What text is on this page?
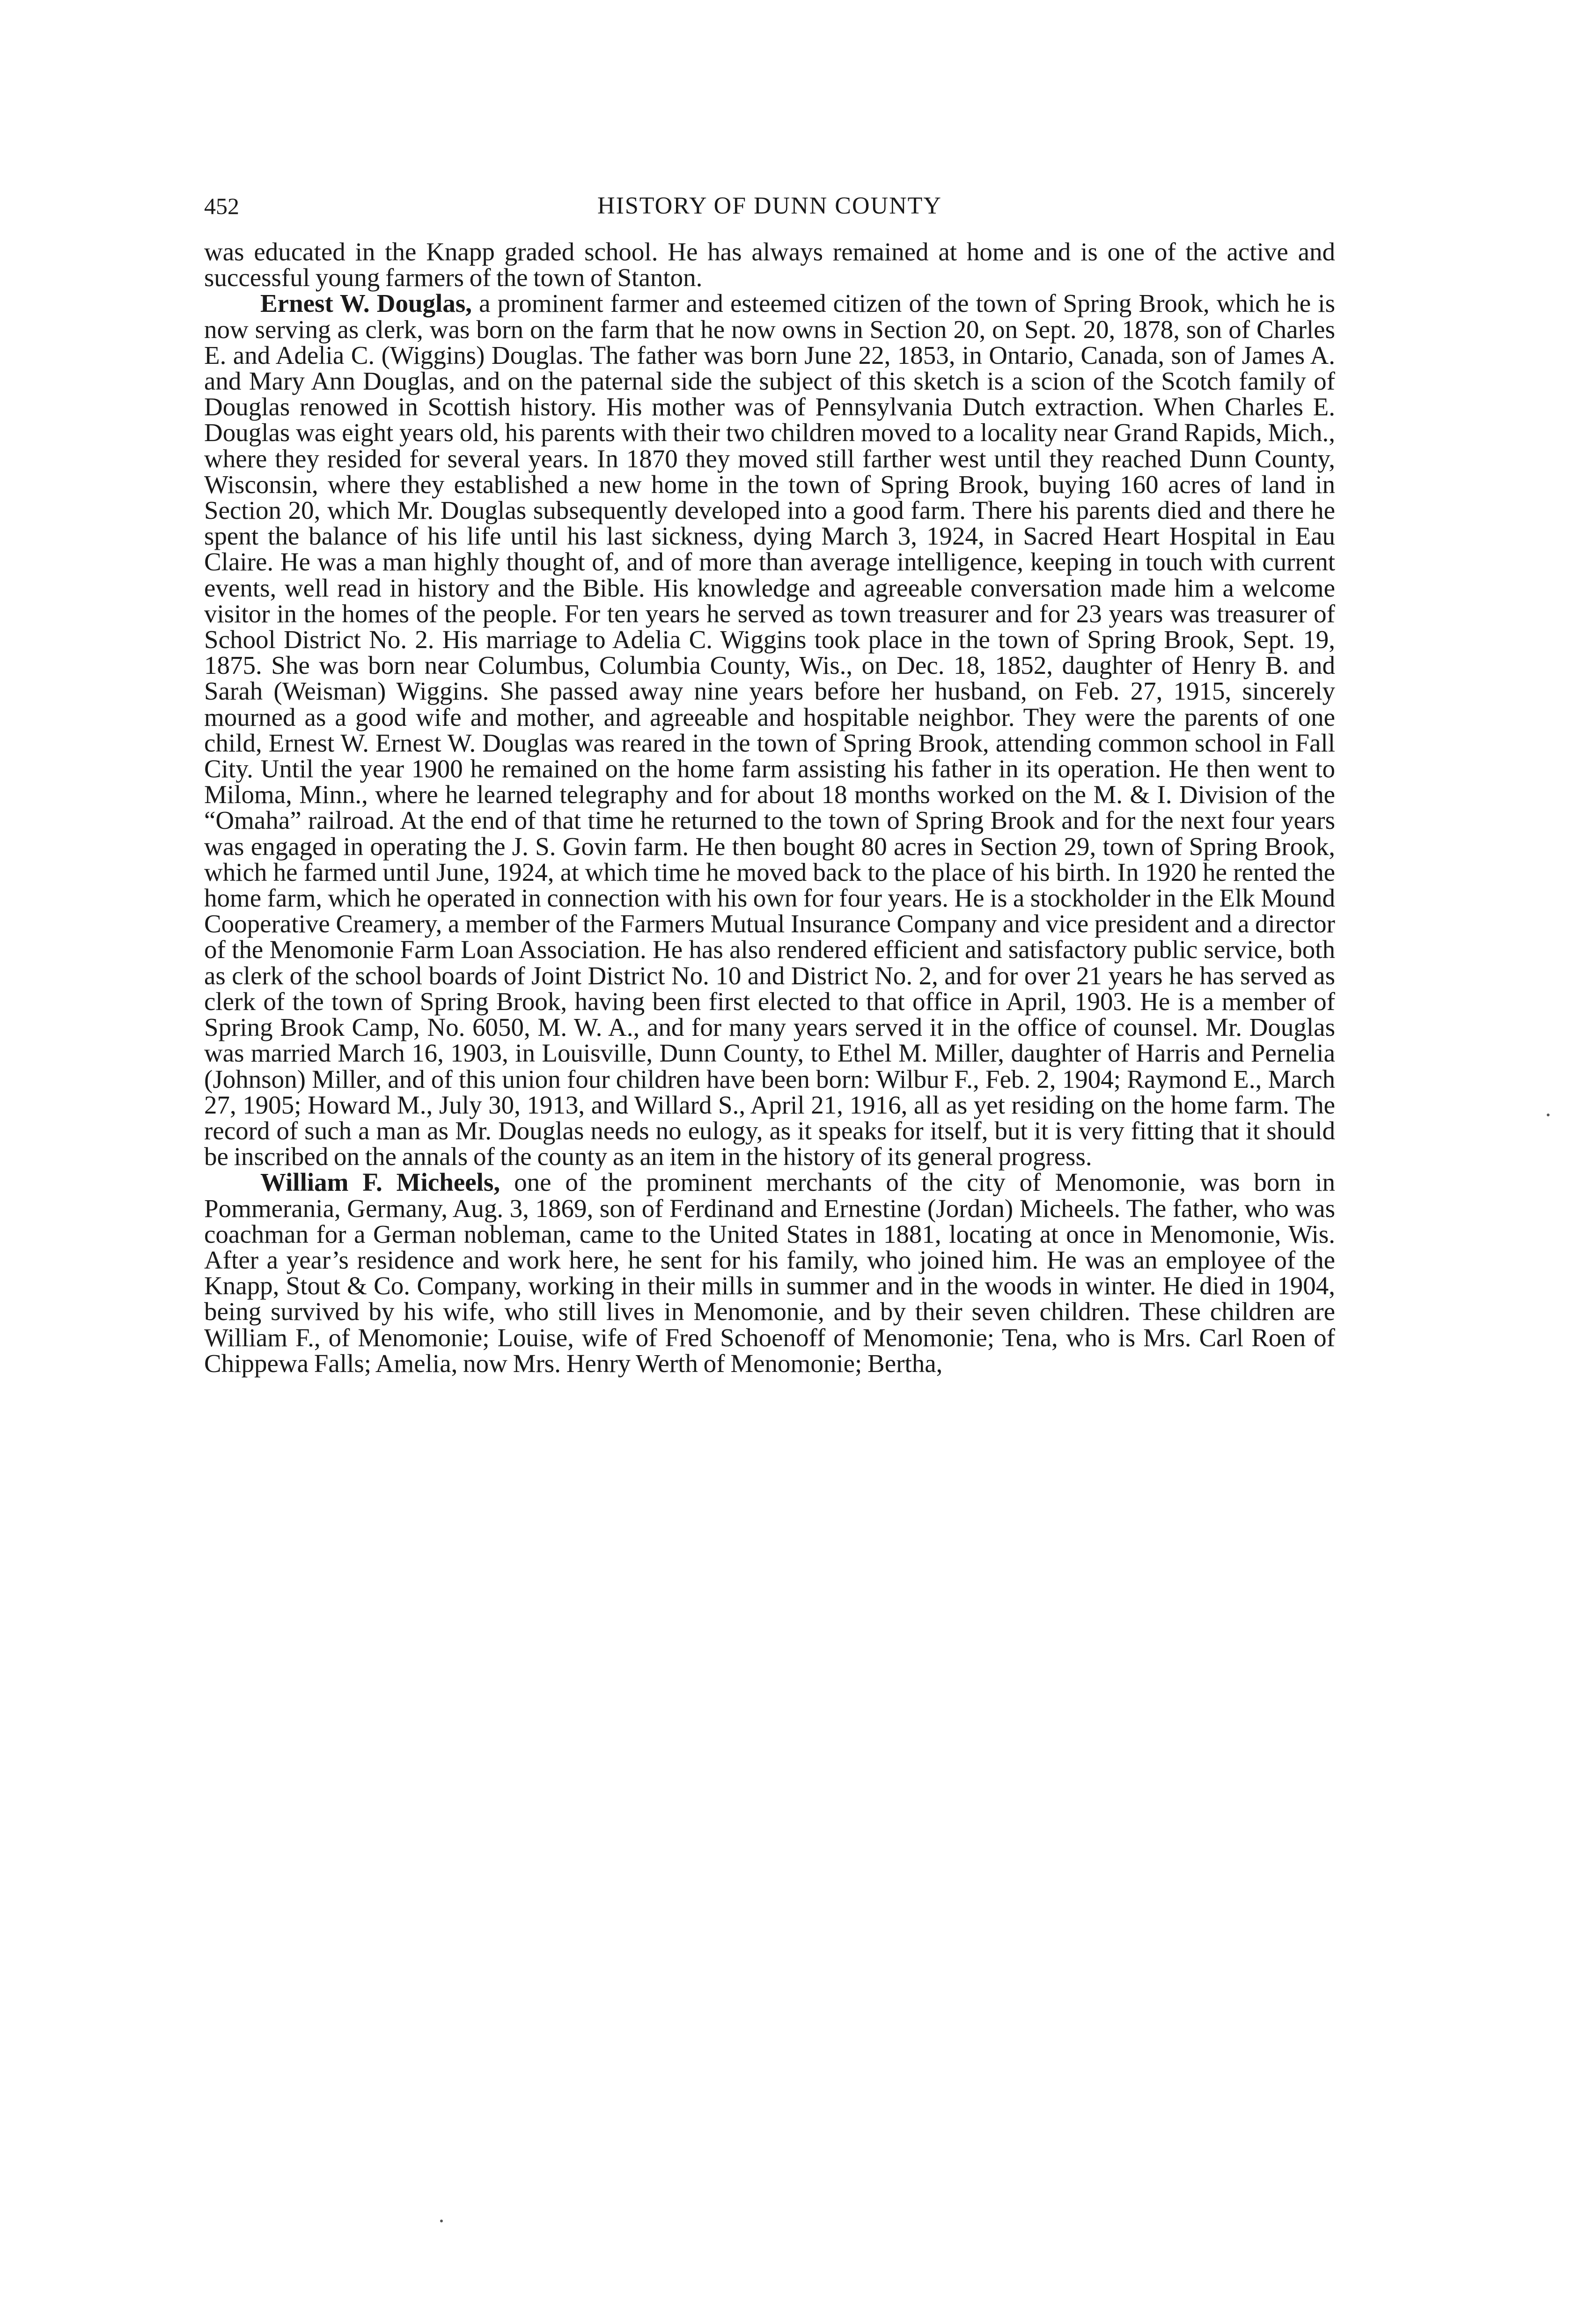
452	HISTORY OF DUNN COUNTY

was educated in the Knapp graded school. He has always remained at home and is one of the active and successful young farmers of the town of Stanton.

Ernest W. Douglas, a prominent farmer and esteemed citizen of the town of Spring Brook, which he is now serving as clerk, was born on the farm that he now owns in Section 20, on Sept. 20, 1878, son of Charles E. and Adelia C. (Wiggins) Douglas. The father was born June 22, 1853, in Ontario, Canada, son of James A. and Mary Ann Douglas, and on the paternal side the subject of this sketch is a scion of the Scotch family of Douglas renowed in Scottish history. His mother was of Pennsylvania Dutch extraction. When Charles E. Douglas was eight years old, his parents with their two children moved to a locality near Grand Rapids, Mich., where they resided for several years. In 1870 they moved still farther west until they reached Dunn County, Wisconsin, where they established a new home in the town of Spring Brook, buying 160 acres of land in Section 20, which Mr. Douglas subsequently developed into a good farm. There his parents died and there he spent the balance of his life until his last sickness, dying March 3, 1924, in Sacred Heart Hospital in Eau Claire. He was a man highly thought of, and of more than average intelligence, keeping in touch with current events, well read in history and the Bible. His knowledge and agreeable conversation made him a welcome visitor in the homes of the people. For ten years he served as town treasurer and for 23 years was treasurer of School District No. 2. His marriage to Adelia C. Wiggins took place in the town of Spring Brook, Sept. 19, 1875. She was born near Columbus, Columbia County, Wis., on Dec. 18, 1852, daughter of Henry B. and Sarah (Weisman) Wiggins. She passed away nine years before her husband, on Feb. 27, 1915, sincerely mourned as a good wife and mother, and agreeable and hospitable neighbor. They were the parents of one child, Ernest W. Ernest W. Douglas was reared in the town of Spring Brook, attending common school in Fall City. Until the year 1900 he remained on the home farm assisting his father in its operation. He then went to Miloma, Minn., where he learned telegraphy and for about 18 months worked on the M. & I. Division of the “Omaha” railroad. At the end of that time he returned to the town of Spring Brook and for the next four years was engaged in operating the J. S. Govin farm. He then bought 80 acres in Section 29, town of Spring Brook, which he farmed until June, 1924, at which time he moved back to the place of his birth. In 1920 he rented the home farm, which he operated in connection with his own for four years. He is a stockholder in the Elk Mound Cooperative Creamery, a member of the Farmers Mutual Insurance Company and vice president and a director of the Menomonie Farm Loan Association. He has also rendered efficient and satisfactory public service, both as clerk of the school boards of Joint District No. 10 and District No. 2, and for over 21 years he has served as clerk of the town of Spring Brook, having been first elected to that office in April, 1903. He is a member of Spring Brook Camp, No. 6050, M. W. A., and for many years served it in the office of counsel. Mr. Douglas was married March 16, 1903, in Louisville, Dunn County, to Ethel M. Miller, daughter of Harris and Pernelia (Johnson) Miller, and of this union four children have been born: Wilbur F., Feb. 2, 1904; Raymond E., March 27, 1905; Howard M., July 30, 1913, and Willard S., April 21, 1916, all as yet residing on the home farm. The record of such a man as Mr. Douglas needs no eulogy, as it speaks for itself, but it is very fitting that it should be inscribed on the annals of the county as an item in the history of its general progress.

William F. Micheels, one of the prominent merchants of the city of Menomonie, was born in Pommerania, Germany, Aug. 3, 1869, son of Ferdinand and Ernestine (Jordan) Micheels. The father, who was coachman for a German nobleman, came to the United States in 1881, locating at once in Menomonie, Wis. After a year’s residence and work here, he sent for his family, who joined him. He was an employee of the Knapp, Stout & Co. Company, working in their mills in summer and in the woods in winter. He died in 1904, being survived by his wife, who still lives in Menomonie, and by their seven children. These children are William F., of Menomonie; Louise, wife of Fred Schoenoff of Menomonie; Tena, who is Mrs. Carl Roen of Chippewa Falls; Amelia, now Mrs. Henry Werth of Menomonie; Bertha,
